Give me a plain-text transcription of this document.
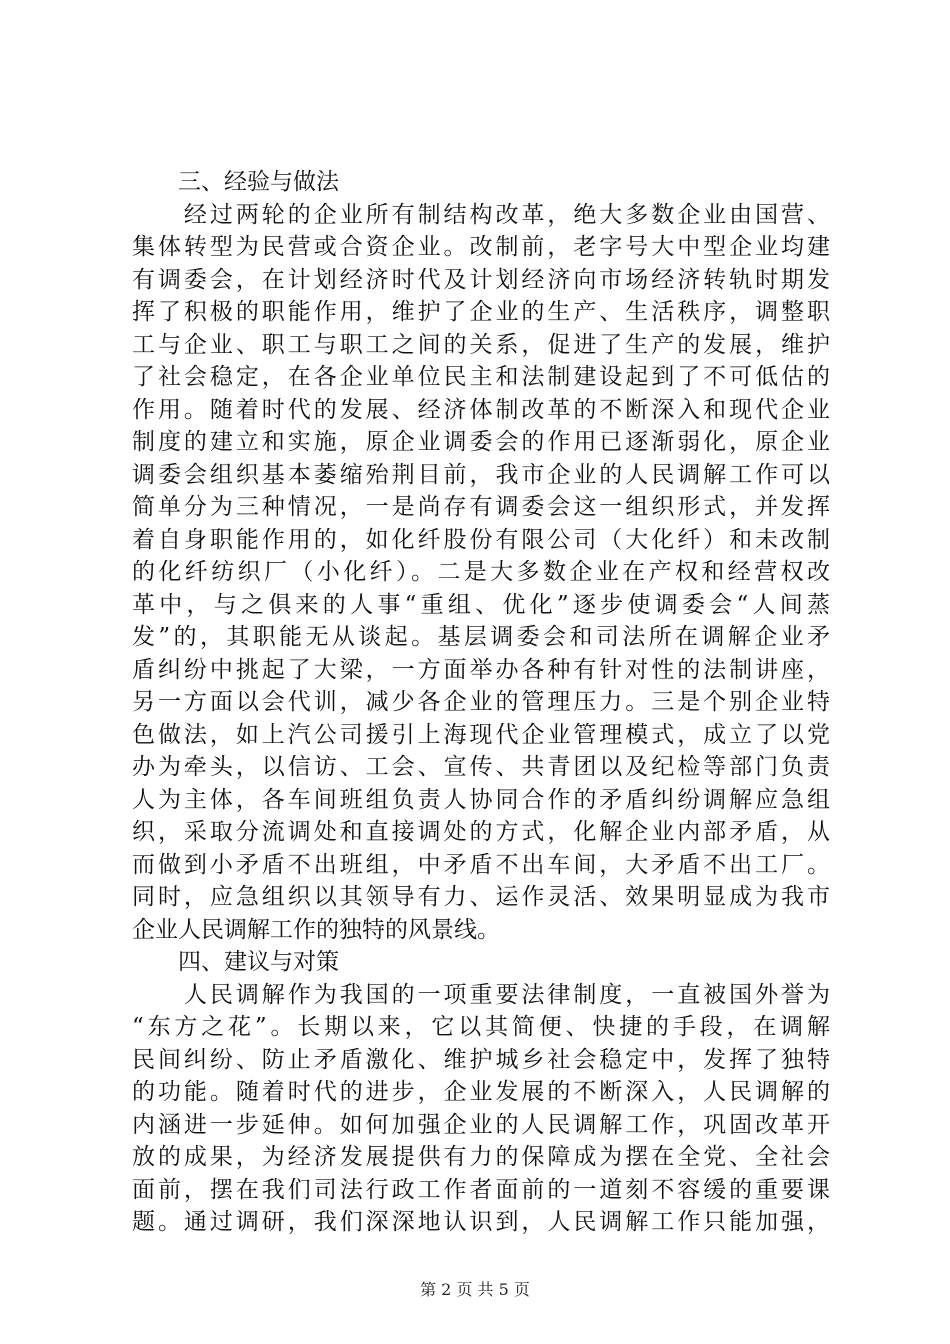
　　三、经验与做法
　　经过两轮的企业所有制结构改革，绝大多数企业由国营、
集体转型为民营或合资企业。改制前，老字号大中型企业均建
有调委会，在计划经济时代及计划经济向市场经济转轨时期发
挥了积极的职能作用，维护了企业的生产、生活秩序，调整职
工与企业、职工与职工之间的关系，促进了生产的发展，维护
了社会稳定，在各企业单位民主和法制建设起到了不可低估的
作用。随着时代的发展、经济体制改革的不断深入和现代企业
制度的建立和实施，原企业调委会的作用已逐渐弱化，原企业
调委会组织基本萎缩殆荆目前，我市企业的人民调解工作可以
简单分为三种情况，一是尚存有调委会这一组织形式，并发挥
着自身职能作用的，如化纤股份有限公司（大化纤）和未改制
的化纤纺织厂（小化纤）。二是大多数企业在产权和经营权改
革中，与之俱来的人事“重组、优化”逐步使调委会“人间蒸
发”的，其职能无从谈起。基层调委会和司法所在调解企业矛
盾纠纷中挑起了大梁，一方面举办各种有针对性的法制讲座，
另一方面以会代训，减少各企业的管理压力。三是个别企业特
色做法，如上汽公司援引上海现代企业管理模式，成立了以党
办为牵头，以信访、工会、宣传、共青团以及纪检等部门负责
人为主体，各车间班组负责人协同合作的矛盾纠纷调解应急组
织，采取分流调处和直接调处的方式，化解企业内部矛盾，从
而做到小矛盾不出班组，中矛盾不出车间，大矛盾不出工厂。
同时，应急组织以其领导有力、运作灵活、效果明显成为我市
企业人民调解工作的独特的风景线。
　　四、建议与对策
　　人民调解作为我国的一项重要法律制度，一直被国外誉为
“东方之花”。长期以来，它以其简便、快捷的手段，在调解
民间纠纷、防止矛盾激化、维护城乡社会稳定中，发挥了独特
的功能。随着时代的进步，企业发展的不断深入，人民调解的
内涵进一步延伸。如何加强企业的人民调解工作，巩固改革开
放的成果，为经济发展提供有力的保障成为摆在全党、全社会
面前，摆在我们司法行政工作者面前的一道刻不容缓的重要课
题。通过调研，我们深深地认识到，人民调解工作只能加强，
第 2 页 共 5 页
